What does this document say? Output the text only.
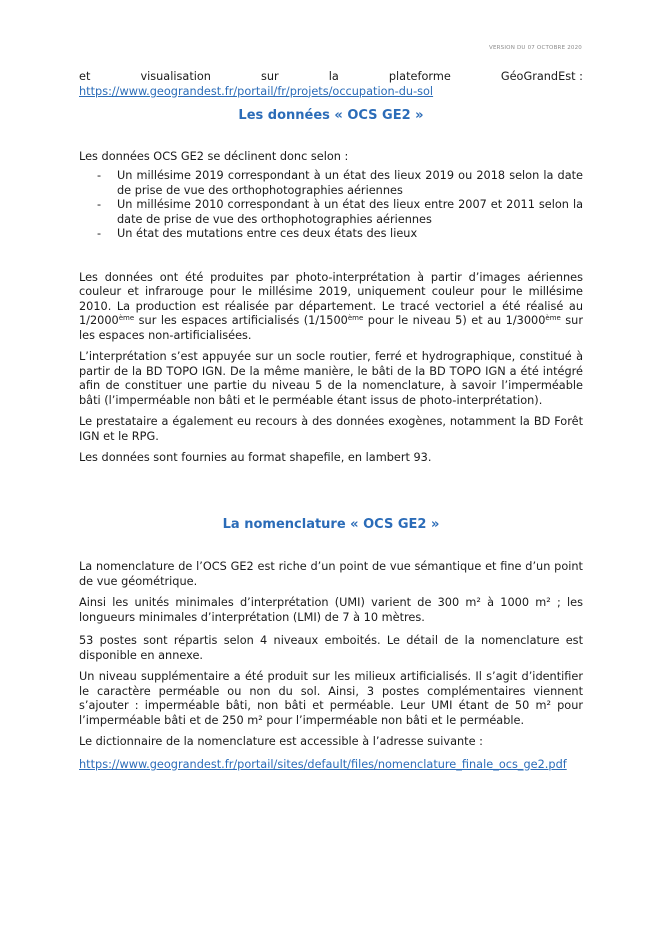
VERSION DU 07 OCTOBRE 2020
et	visualisation	sur	la	plateforme	GéoGrandEst :
https://www.geograndest.fr/portail/fr/projets/occupation-du-sol
Les données « OCS GE2 »

Les données OCS GE2 se déclinent donc selon :

- Un millésime 2019 correspondant à un état des lieux 2019 ou 2018 selon la date de prise de vue des orthophotographies aériennes
- Un millésime 2010 correspondant à un état des lieux entre 2007 et 2011 selon la date de prise de vue des orthophotographies aériennes
- Un état des mutations entre ces deux états des lieux

Les données ont été produites par photo-interprétation à partir d’images aériennes couleur et infrarouge pour le millésime 2019, uniquement couleur pour le millésime 2010. La production est réalisée par département. Le tracé vectoriel a été réalisé au 1/2000ème sur les espaces artificialisés (1/1500ème pour le niveau 5) et au 1/3000ème sur les espaces non-artificialisées.

L’interprétation s’est appuyée sur un socle routier, ferré et hydrographique, constitué à partir de la BD TOPO IGN. De la même manière, le bâti de la BD TOPO IGN a été intégré afin de constituer une partie du niveau 5 de la nomenclature, à savoir l’imperméable bâti (l’imperméable non bâti et le perméable étant issus de photo-interprétation).

Le prestataire a également eu recours à des données exogènes, notamment la BD Forêt IGN et le RPG.

Les données sont fournies au format shapefile, en lambert 93.

La nomenclature « OCS GE2 »

La nomenclature de l’OCS GE2 est riche d’un point de vue sémantique et fine d’un point de vue géométrique.

Ainsi les unités minimales d’interprétation (UMI) varient de 300 m² à 1000 m² ; les longueurs minimales d’interprétation (LMI) de 7 à 10 mètres.

53 postes sont répartis selon 4 niveaux emboités. Le détail de la nomenclature est disponible en annexe.

Un niveau supplémentaire a été produit sur les milieux artificialisés. Il s’agit d’identifier le caractère perméable ou non du sol. Ainsi, 3 postes complémentaires viennent s’ajouter : imperméable bâti, non bâti et perméable. Leur UMI étant de 50 m² pour l’imperméable bâti et de 250 m² pour l’imperméable non bâti et le perméable.

Le dictionnaire de la nomenclature est accessible à l’adresse suivante :

https://www.geograndest.fr/portail/sites/default/files/nomenclature_finale_ocs_ge2.pdf
